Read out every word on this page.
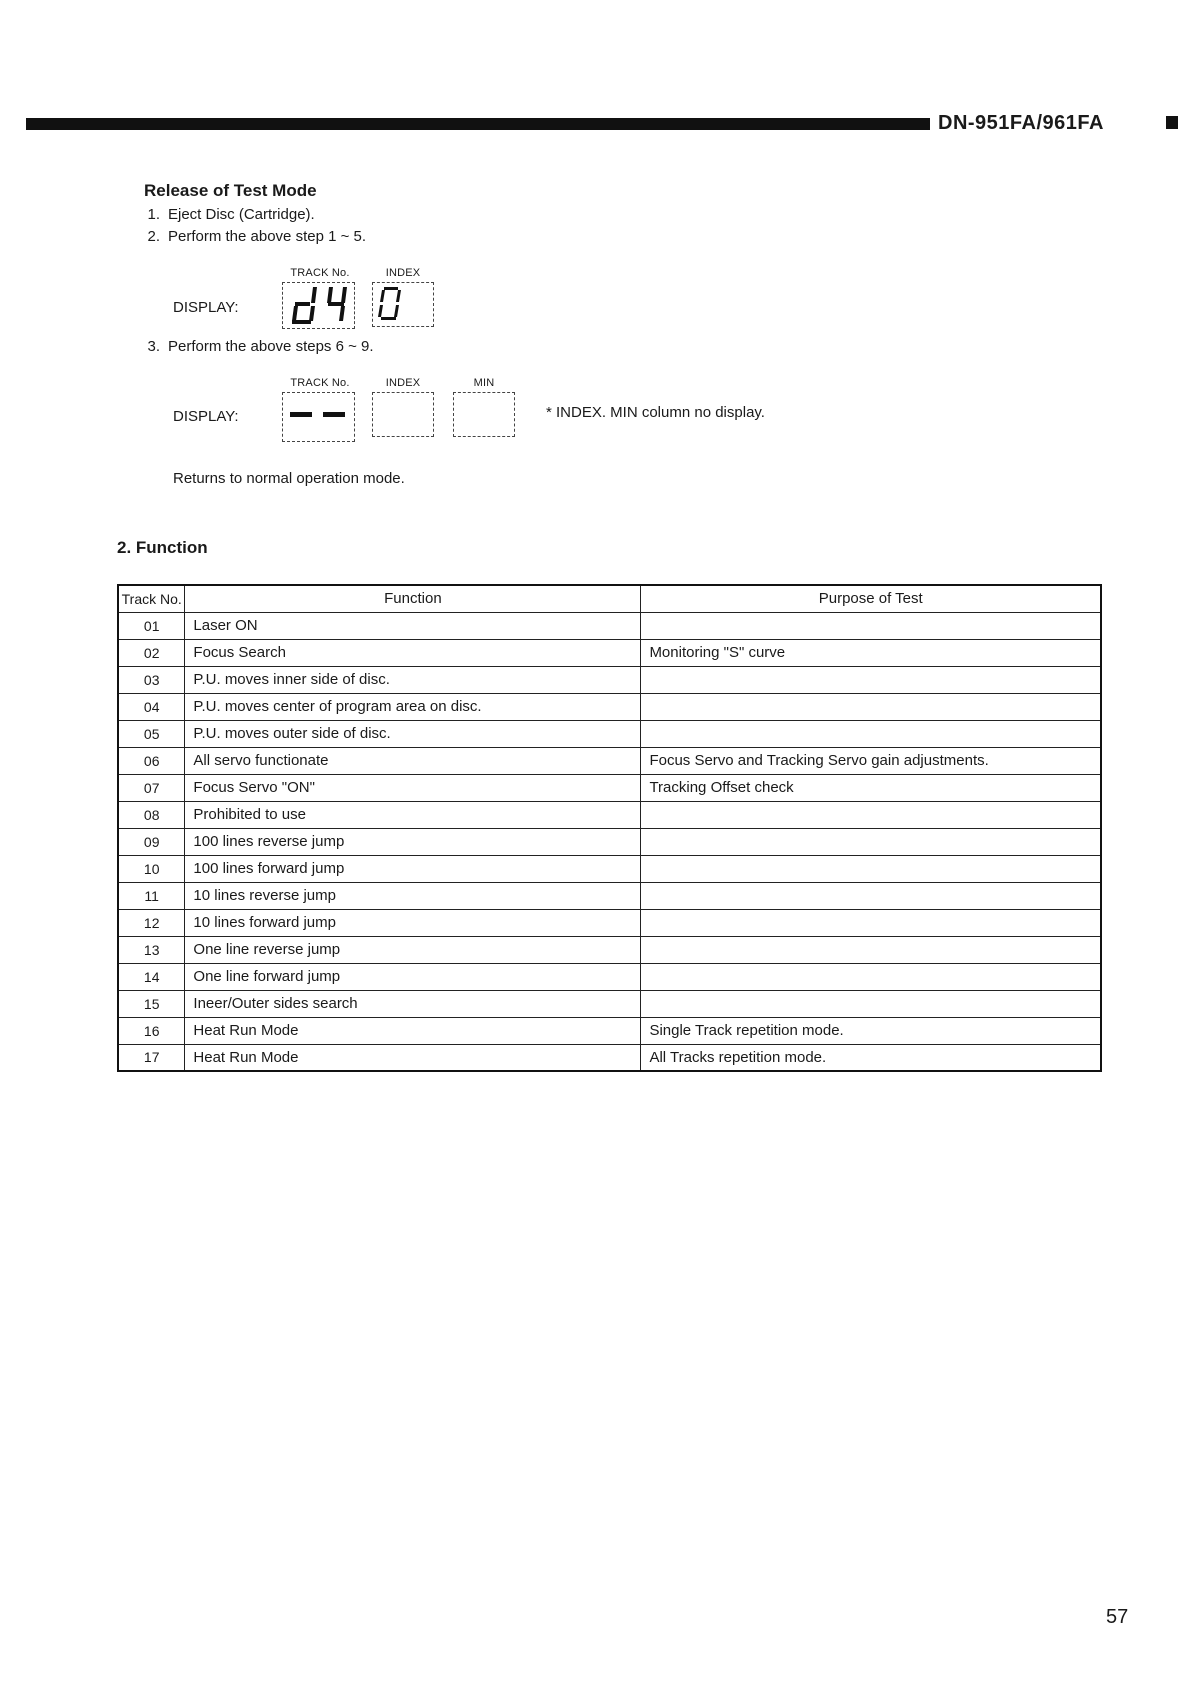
DN-951FA/961FA
Release of Test Mode
1. Eject Disc (Cartridge).
2. Perform the above step 1 ~ 5.
TRACK No.	INDEX
DISPLAY:
3. Perform the above steps 6 ~ 9.
TRACK No.	INDEX	MIN
DISPLAY:	* INDEX. MIN column no display.
Returns to normal operation mode.
2. Function
Track No.	Function	Purpose of Test
01	Laser ON	
02	Focus Search	Monitoring "S" curve
03	P.U. moves inner side of disc.	
04	P.U. moves center of program area on disc.	
05	P.U. moves outer side of disc.	
06	All servo functionate	Focus Servo and Tracking Servo gain adjustments.
07	Focus Servo "ON"	Tracking Offset check
08	Prohibited to use	
09	100 lines reverse jump	
10	100 lines forward jump	
11	10 lines reverse jump	
12	10 lines forward jump	
13	One line reverse jump	
14	One line forward jump	
15	Ineer/Outer sides search	
16	Heat Run Mode	Single Track repetition mode.
17	Heat Run Mode	All Tracks repetition mode.
57
